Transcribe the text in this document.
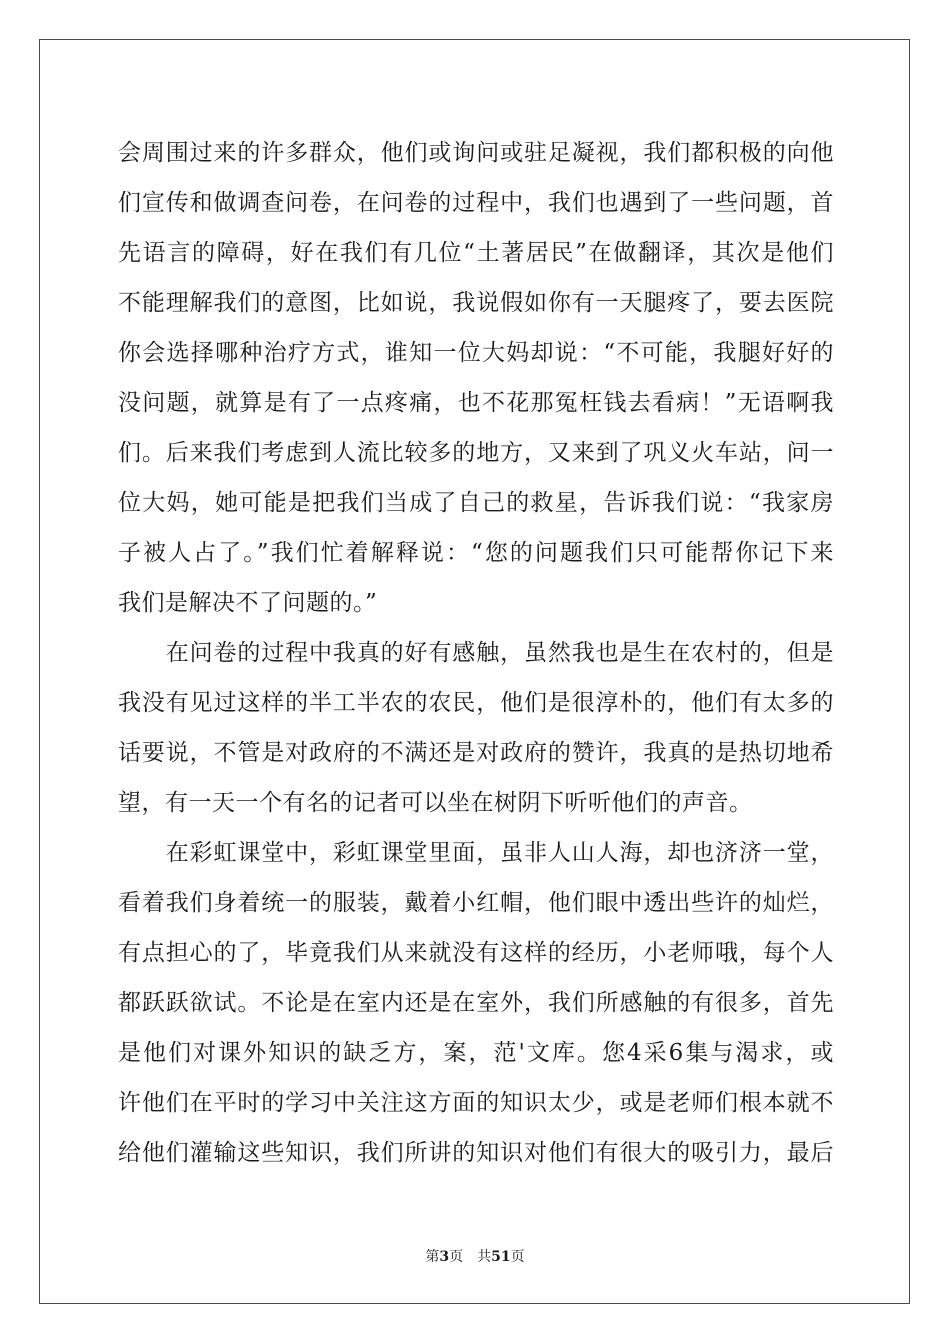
会周围过来的许多群众，他们或询问或驻足凝视，我们都积极的向他
们宣传和做调查问卷，在问卷的过程中，我们也遇到了一些问题，首
先语言的障碍，好在我们有几位“土著居民”在做翻译，其次是他们
不能理解我们的意图，比如说，我说假如你有一天腿疼了，要去医院
你会选择哪种治疗方式，谁知一位大妈却说：“不可能，我腿好好的
没问题，就算是有了一点疼痛，也不花那冤枉钱去看病！”无语啊我
们。后来我们考虑到人流比较多的地方，又来到了巩义火车站，问一
位大妈，她可能是把我们当成了自己的救星，告诉我们说：“我家房
子被人占了。”我们忙着解释说：“您的问题我们只可能帮你记下来
我们是解决不了问题的。”
　　在问卷的过程中我真的好有感触，虽然我也是生在农村的，但是
我没有见过这样的半工半农的农民，他们是很淳朴的，他们有太多的
话要说，不管是对政府的不满还是对政府的赞许，我真的是热切地希
望，有一天一个有名的记者可以坐在树阴下听听他们的声音。
　　在彩虹课堂中，彩虹课堂里面，虽非人山人海，却也济济一堂，
看着我们身着统一的服装，戴着小红帽，他们眼中透出些许的灿烂，
有点担心的了，毕竟我们从来就没有这样的经历，小老师哦，每个人
都跃跃欲试。不论是在室内还是在室外，我们所感触的有很多，首先
是他们对课外知识的缺乏方，案，范'文库。您4采6集与渴求，或
许他们在平时的学习中关注这方面的知识太少，或是老师们根本就不
给他们灌输这些知识，我们所讲的知识对他们有很大的吸引力，最后
第3页 共51页
